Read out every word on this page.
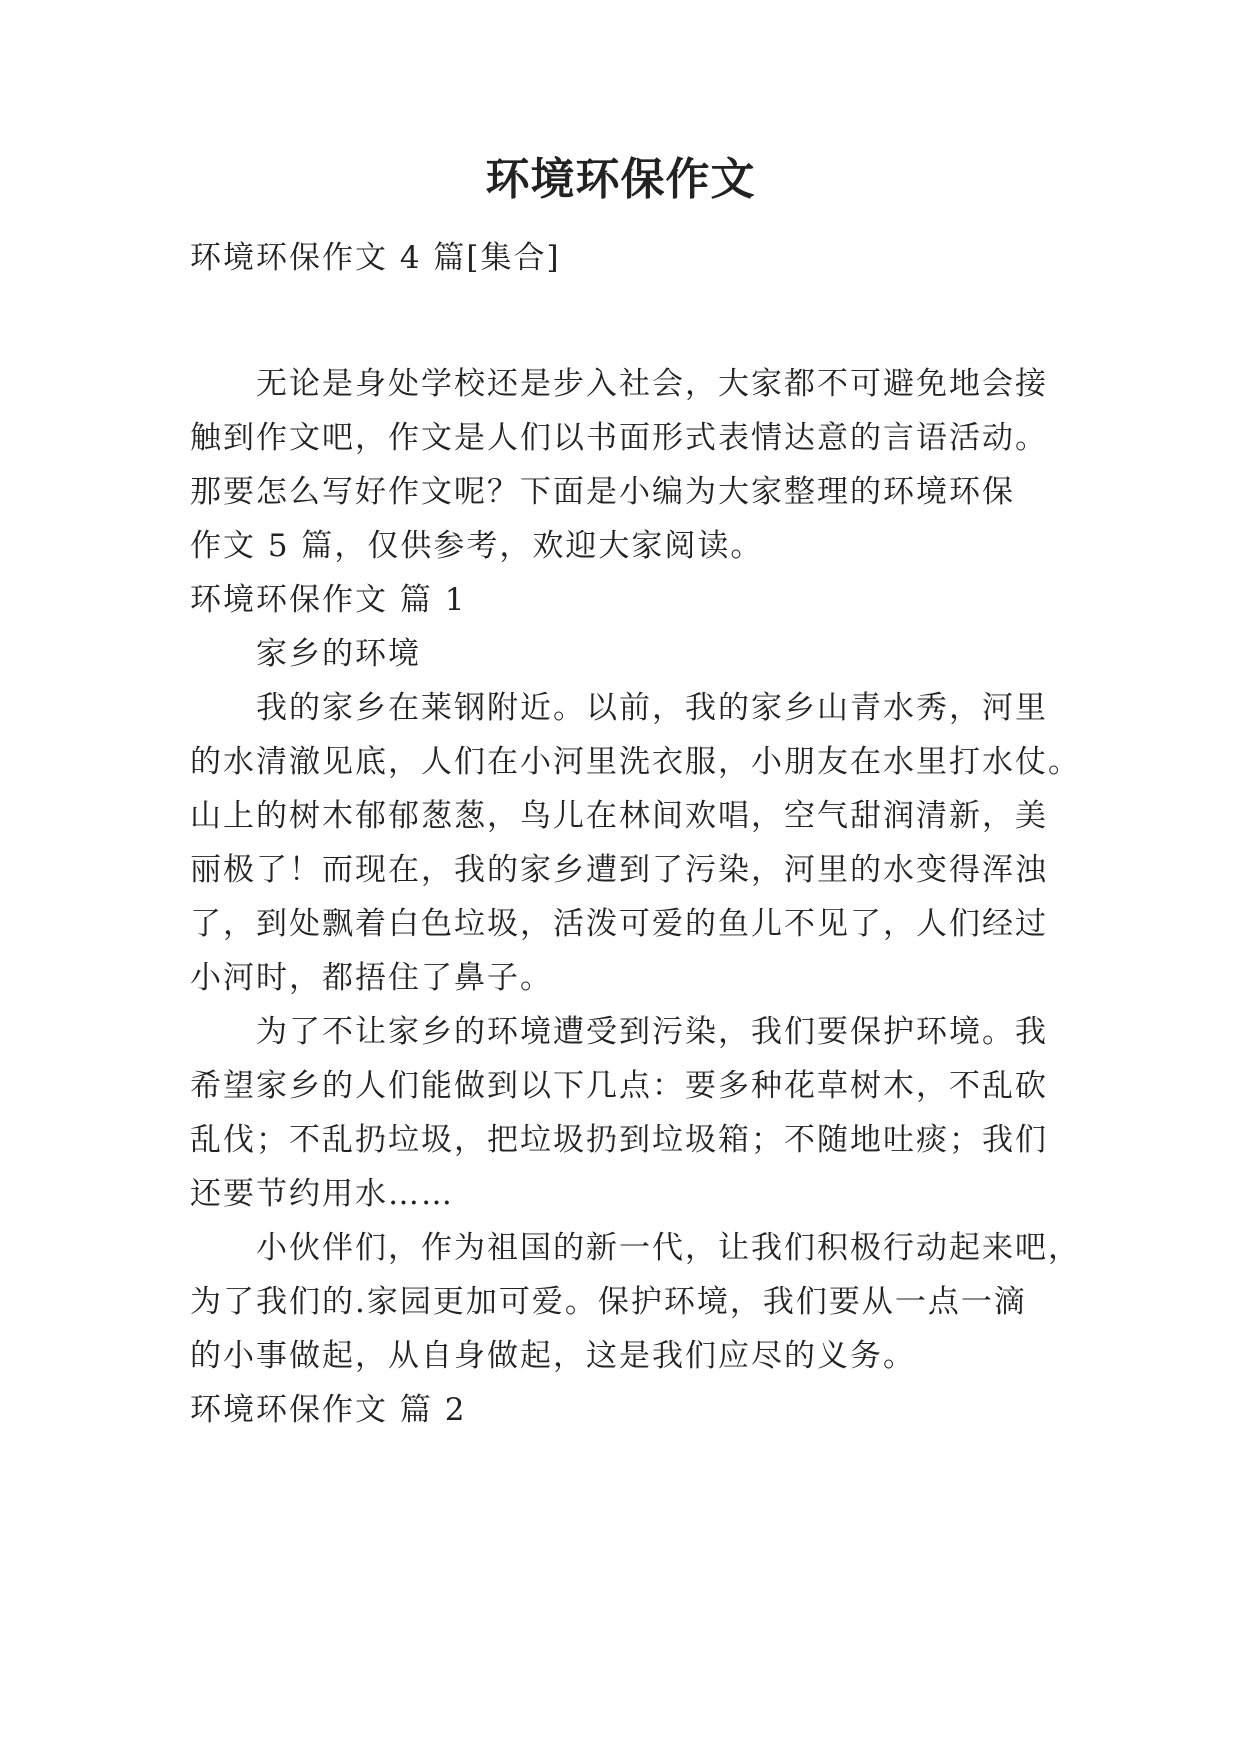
环境环保作文
环境环保作文 4 篇[集合]
无论是身处学校还是步入社会，大家都不可避免地会接
触到作文吧，作文是人们以书面形式表情达意的言语活动。
那要怎么写好作文呢？下面是小编为大家整理的环境环保
作文 5 篇，仅供参考，欢迎大家阅读。
环境环保作文 篇 1
家乡的环境
我的家乡在莱钢附近。以前，我的家乡山青水秀，河里
的水清澈见底，人们在小河里洗衣服，小朋友在水里打水仗。
山上的树木郁郁葱葱，鸟儿在林间欢唱，空气甜润清新，美
丽极了！而现在，我的家乡遭到了污染，河里的水变得浑浊
了，到处飘着白色垃圾，活泼可爱的鱼儿不见了，人们经过
小河时，都捂住了鼻子。
为了不让家乡的环境遭受到污染，我们要保护环境。我
希望家乡的人们能做到以下几点：要多种花草树木，不乱砍
乱伐；不乱扔垃圾，把垃圾扔到垃圾箱；不随地吐痰；我们
还要节约用水……
小伙伴们，作为祖国的新一代，让我们积极行动起来吧，
为了我们的.家园更加可爱。保护环境，我们要从一点一滴
的小事做起，从自身做起，这是我们应尽的义务。
环境环保作文 篇 2
